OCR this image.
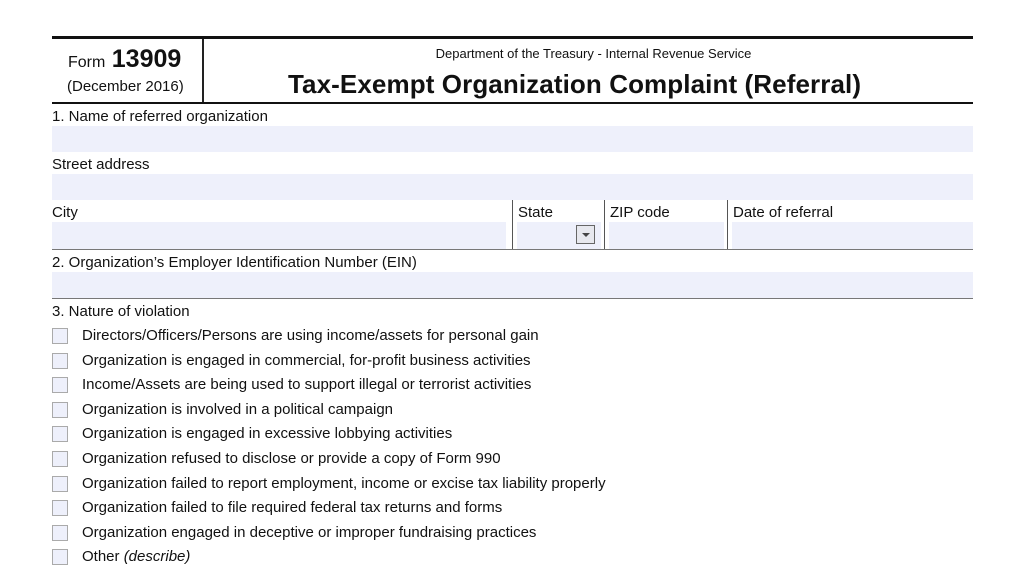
Form 13909
(December 2016)
Department of the Treasury - Internal Revenue Service
Tax-Exempt Organization Complaint (Referral)
1. Name of referred organization
Street address
City	State	ZIP code	Date of referral
2. Organization’s Employer Identification Number (EIN)
3. Nature of violation
Directors/Officers/Persons are using income/assets for personal gain
Organization is engaged in commercial, for-profit business activities
Income/Assets are being used to support illegal or terrorist activities
Organization is involved in a political campaign
Organization is engaged in excessive lobbying activities
Organization refused to disclose or provide a copy of Form 990
Organization failed to report employment, income or excise tax liability properly
Organization failed to file required federal tax returns and forms
Organization engaged in deceptive or improper fundraising practices
Other (describe)
